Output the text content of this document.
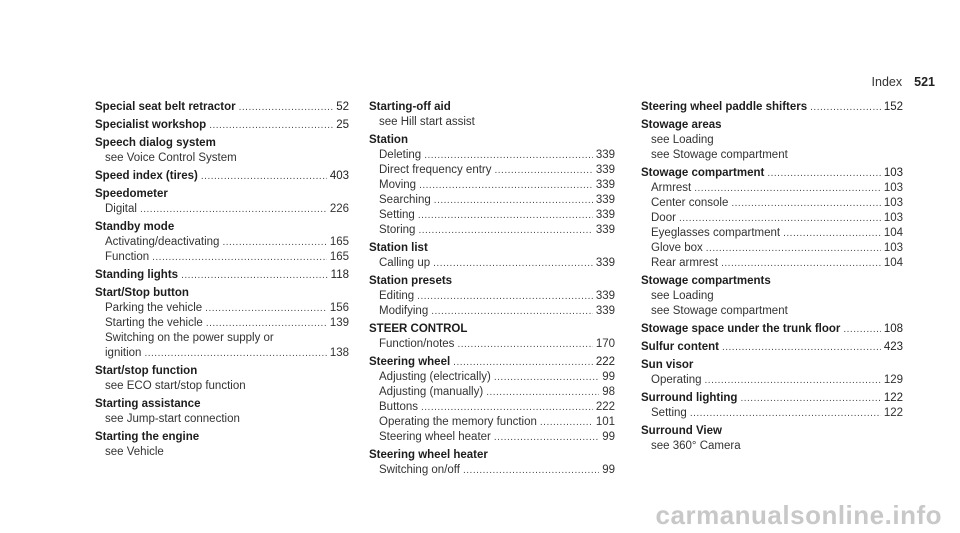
Index 521
Special seat belt retractor .....	52
Specialist workshop .....	25
Speech dialog system
see Voice Control System
Speed index (tires) .....	403
Speedometer
Digital .....	226
Standby mode
Activating/deactivating .....	165
Function .....	165
Standing lights .....	118
Start/Stop button
Parking the vehicle .....	156
Starting the vehicle .....	139
Switching on the power supply or
ignition .....	138
Start/stop function
see ECO start/stop function
Starting assistance
see Jump-start connection
Starting the engine
see Vehicle
Starting-off aid
see Hill start assist
Station
Deleting .....	339
Direct frequency entry .....	339
Moving .....	339
Searching .....	339
Setting .....	339
Storing .....	339
Station list
Calling up .....	339
Station presets
Editing .....	339
Modifying .....	339
STEER CONTROL
Function/notes .....	170
Steering wheel .....	222
Adjusting (electrically) .....	99
Adjusting (manually) .....	98
Buttons .....	222
Operating the memory function .....	101
Steering wheel heater .....	99
Steering wheel heater
Switching on/off .....	99
Steering wheel paddle shifters .....	152
Stowage areas
see Loading
see Stowage compartment
Stowage compartment .....	103
Armrest .....	103
Center console .....	103
Door .....	103
Eyeglasses compartment .....	104
Glove box .....	103
Rear armrest .....	104
Stowage compartments
see Loading
see Stowage compartment
Stowage space under the trunk floor .....	108
Sulfur content .....	423
Sun visor
Operating .....	129
Surround lighting .....	122
Setting .....	122
Surround View
see 360° Camera
carmanualsonline.info
